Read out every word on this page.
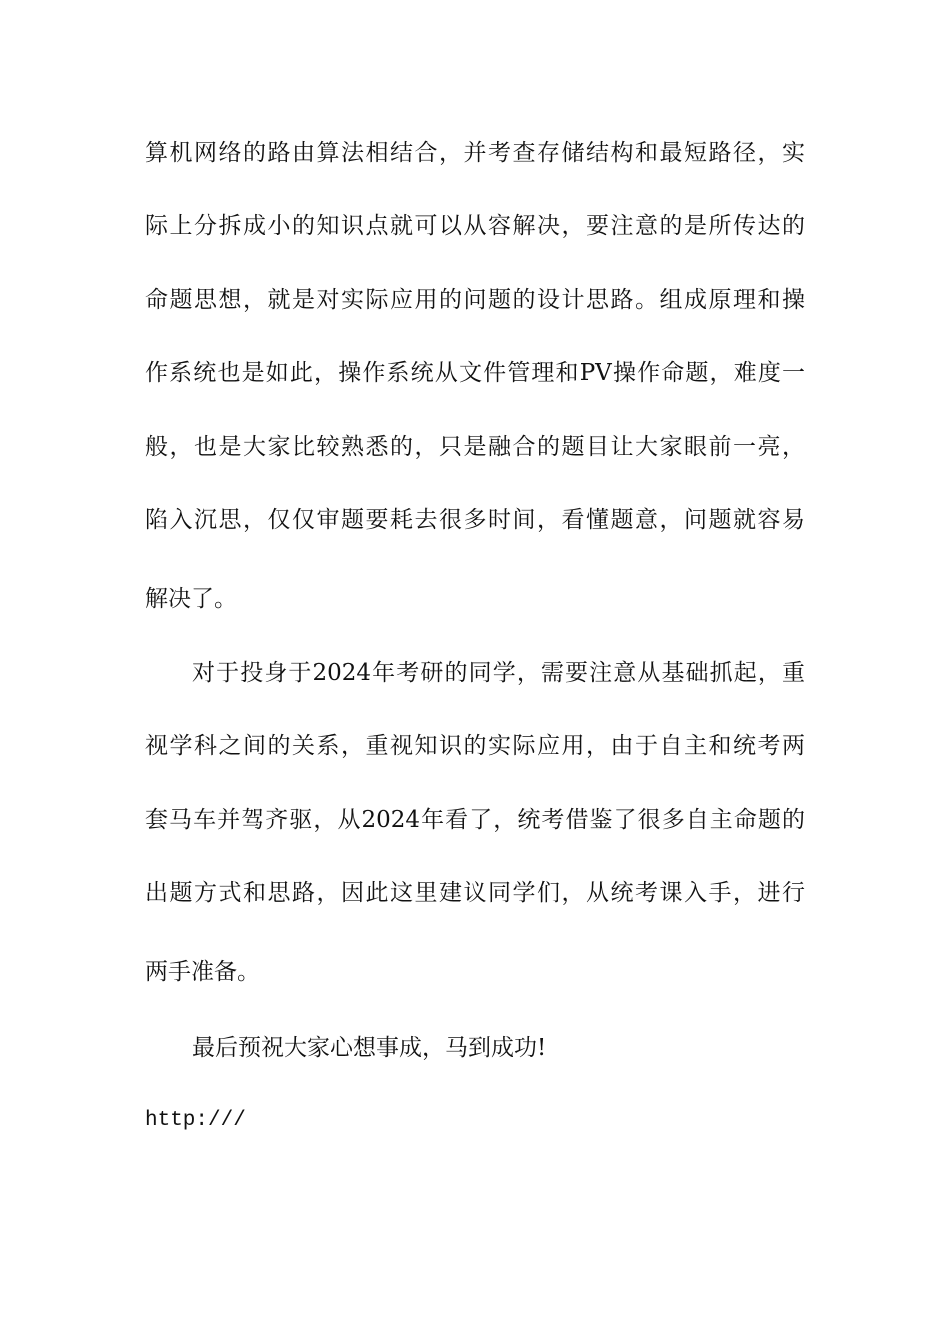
算机网络的路由算法相结合，并考查存储结构和最短路径，实
际上分拆成小的知识点就可以从容解决，要注意的是所传达的
命题思想，就是对实际应用的问题的设计思路。组成原理和操
作系统也是如此，操作系统从文件管理和PV操作命题，难度一
般，也是大家比较熟悉的，只是融合的题目让大家眼前一亮，
陷入沉思，仅仅审题要耗去很多时间，看懂题意，问题就容易
解决了。
对于投身于2024年考研的同学，需要注意从基础抓起，重
视学科之间的关系，重视知识的实际应用，由于自主和统考两
套马车并驾齐驱，从2024年看了，统考借鉴了很多自主命题的
出题方式和思路，因此这里建议同学们，从统考课入手，进行
两手准备。
最后预祝大家心想事成，马到成功!
http:///
